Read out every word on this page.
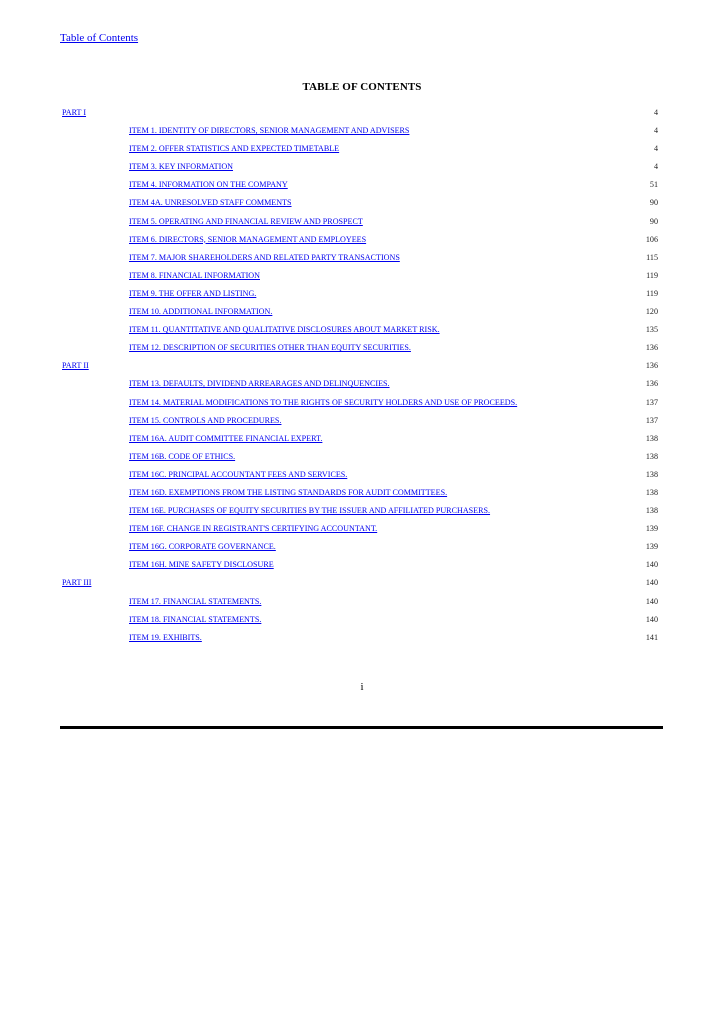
Table of Contents
TABLE OF CONTENTS
PART I	4
ITEM 1. IDENTITY OF DIRECTORS, SENIOR MANAGEMENT AND ADVISERS	4
ITEM 2. OFFER STATISTICS AND EXPECTED TIMETABLE	4
ITEM 3. KEY INFORMATION	4
ITEM 4. INFORMATION ON THE COMPANY	51
ITEM 4A. UNRESOLVED STAFF COMMENTS	90
ITEM 5. OPERATING AND FINANCIAL REVIEW AND PROSPECT	90
ITEM 6. DIRECTORS, SENIOR MANAGEMENT AND EMPLOYEES	106
ITEM 7. MAJOR SHAREHOLDERS AND RELATED PARTY TRANSACTIONS	115
ITEM 8. FINANCIAL INFORMATION	119
ITEM 9. THE OFFER AND LISTING.	119
ITEM 10. ADDITIONAL INFORMATION.	120
ITEM 11. QUANTITATIVE AND QUALITATIVE DISCLOSURES ABOUT MARKET RISK.	135
ITEM 12. DESCRIPTION OF SECURITIES OTHER THAN EQUITY SECURITIES.	136
PART II	136
ITEM 13. DEFAULTS, DIVIDEND ARREARAGES AND DELINQUENCIES.	136
ITEM 14. MATERIAL MODIFICATIONS TO THE RIGHTS OF SECURITY HOLDERS AND USE OF PROCEEDS.	137
ITEM 15. CONTROLS AND PROCEDURES.	137
ITEM 16A. AUDIT COMMITTEE FINANCIAL EXPERT.	138
ITEM 16B. CODE OF ETHICS.	138
ITEM 16C. PRINCIPAL ACCOUNTANT FEES AND SERVICES.	138
ITEM 16D. EXEMPTIONS FROM THE LISTING STANDARDS FOR AUDIT COMMITTEES.	138
ITEM 16E. PURCHASES OF EQUITY SECURITIES BY THE ISSUER AND AFFILIATED PURCHASERS.	138
ITEM 16F. CHANGE IN REGISTRANT'S CERTIFYING ACCOUNTANT.	139
ITEM 16G. CORPORATE GOVERNANCE.	139
ITEM 16H. MINE SAFETY DISCLOSURE	140
PART III	140
ITEM 17. FINANCIAL STATEMENTS.	140
ITEM 18. FINANCIAL STATEMENTS.	140
ITEM 19. EXHIBITS.	141
i
